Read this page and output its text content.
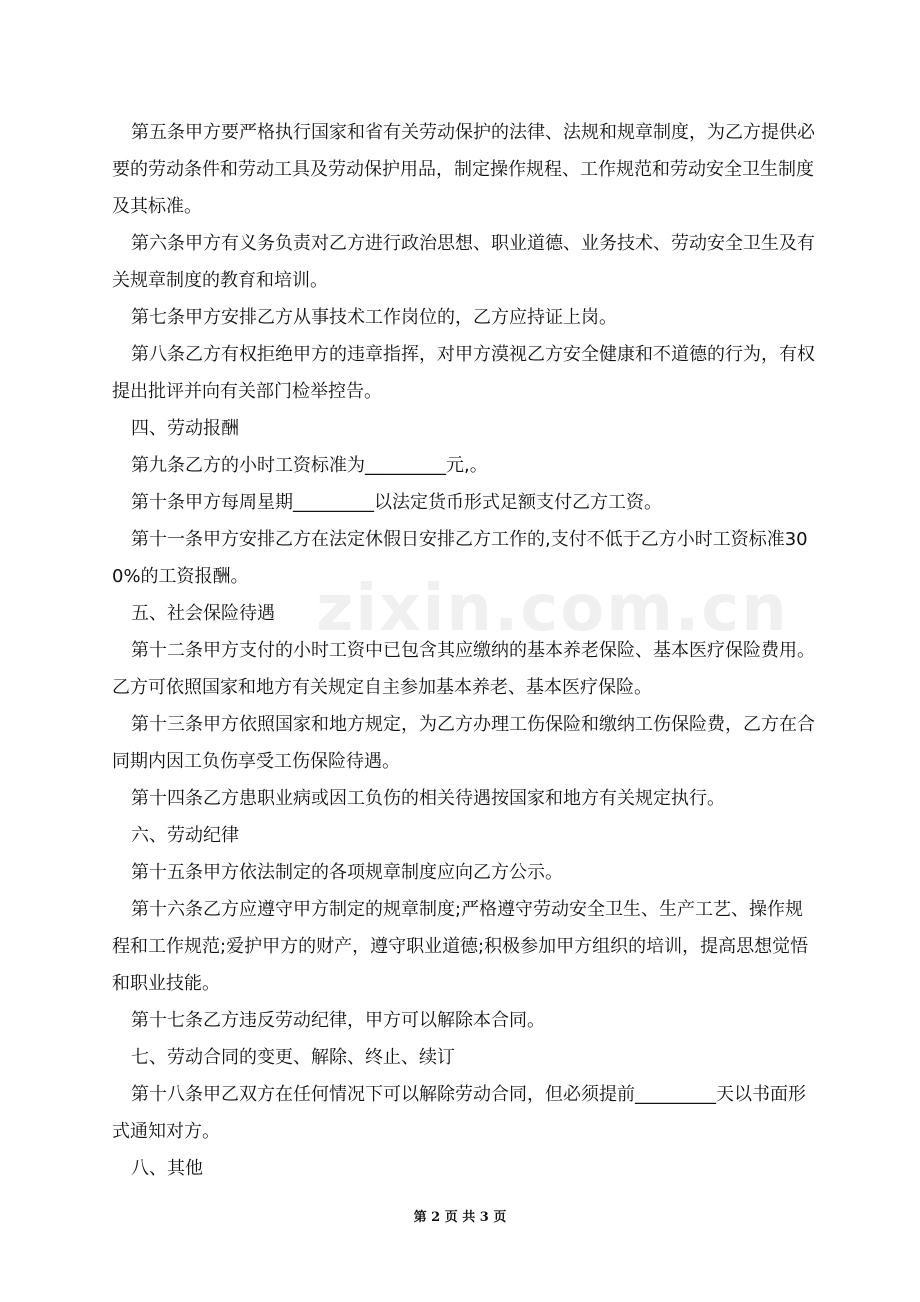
zixin.com.cn

第五条甲方要严格执行国家和省有关劳动保护的法律、法规和规章制度，为乙方提供必要的劳动条件和劳动工具及劳动保护用品，制定操作规程、工作规范和劳动安全卫生制度及其标准。

第六条甲方有义务负责对乙方进行政治思想、职业道德、业务技术、劳动安全卫生及有关规章制度的教育和培训。

第七条甲方安排乙方从事技术工作岗位的，乙方应持证上岗。

第八条乙方有权拒绝甲方的违章指挥，对甲方漠视乙方安全健康和不道德的行为，有权提出批评并向有关部门检举控告。

四、劳动报酬

第九条乙方的小时工资标准为_________元,。

第十条甲方每周星期_________以法定货币形式足额支付乙方工资。

第十一条甲方安排乙方在法定休假日安排乙方工作的,支付不低于乙方小时工资标准300%的工资报酬。

五、社会保险待遇

第十二条甲方支付的小时工资中已包含其应缴纳的基本养老保险、基本医疗保险费用。乙方可依照国家和地方有关规定自主参加基本养老、基本医疗保险。

第十三条甲方依照国家和地方规定，为乙方办理工伤保险和缴纳工伤保险费，乙方在合同期内因工负伤享受工伤保险待遇。

第十四条乙方患职业病或因工负伤的相关待遇按国家和地方有关规定执行。

六、劳动纪律

第十五条甲方依法制定的各项规章制度应向乙方公示。

第十六条乙方应遵守甲方制定的规章制度;严格遵守劳动安全卫生、生产工艺、操作规程和工作规范;爱护甲方的财产，遵守职业道德;积极参加甲方组织的培训，提高思想觉悟和职业技能。

第十七条乙方违反劳动纪律，甲方可以解除本合同。

七、劳动合同的变更、解除、终止、续订

第十八条甲乙双方在任何情况下可以解除劳动合同，但必须提前_________天以书面形式通知对方。

八、其他

第 2 页 共 3 页
